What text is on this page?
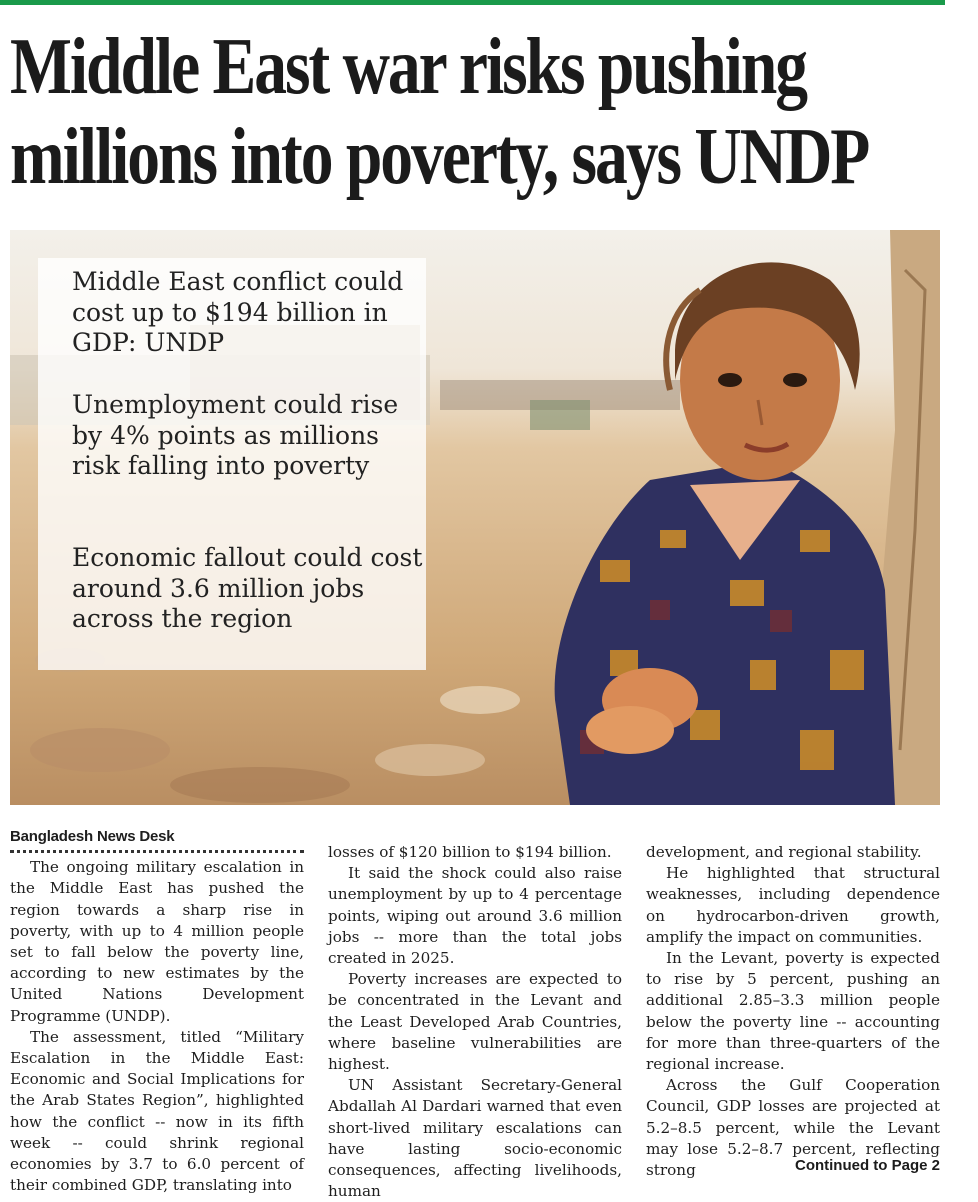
Middle East war risks pushing millions into poverty, says UNDP

Middle East conflict could cost up to $194 billion in GDP: UNDP

Unemployment could rise by 4% points as millions risk falling into poverty

Economic fallout could cost around 3.6 million jobs across the region

Bangladesh News Desk

The ongoing military escalation in the Middle East has pushed the region towards a sharp rise in poverty, with up to 4 million people set to fall below the poverty line, according to new estimates by the United Nations Development Programme (UNDP).

The assessment, titled “Military Escalation in the Middle East: Economic and Social Implications for the Arab States Region”, highlighted how the conflict -- now in its fifth week -- could shrink regional economies by 3.7 to 6.0 percent of their combined GDP, translating into

losses of $120 billion to $194 billion.

It said the shock could also raise unemployment by up to 4 percentage points, wiping out around 3.6 million jobs -- more than the total jobs created in 2025.

Poverty increases are expected to be concentrated in the Levant and the Least Developed Arab Countries, where baseline vulnerabilities are highest.

UN Assistant Secretary-General Abdallah Al Dardari warned that even short-lived military escalations can have lasting socio-economic consequences, affecting livelihoods, human

development, and regional stability.

He highlighted that structural weaknesses, including dependence on hydrocarbon-driven growth, amplify the impact on communities.

In the Levant, poverty is expected to rise by 5 percent, pushing an additional 2.85–3.3 million people below the poverty line -- accounting for more than three-quarters of the regional increase.

Across the Gulf Cooperation Council, GDP losses are projected at 5.2–8.5 percent, while the Levant may lose 5.2–8.7 percent, reflecting strong	Continued to Page 2
